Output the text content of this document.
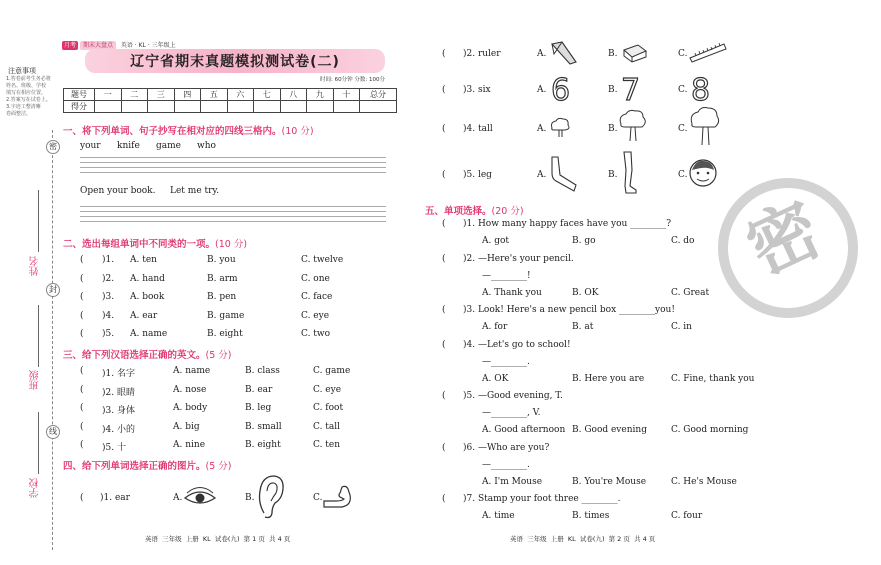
注意事项
1.答卷前考生务必将
姓名、班级、学校
填写在相应位置。
2.答案写在试卷上。
3.字迹工整清晰
卷面整洁。
密
封
线
姓名
班级
学校
月考 期末大盘点 英语 · KL · 三年级上
辽宁省期末真题模拟测试卷(二)
时间: 60分钟 分数: 100分
题号	一	二	三	四	五	六	七	八	九	十	总分
得分											
一、将下列单词、句子抄写在相对应的四线三格内。(10 分)
your knife game who
Open your book. Let me try.
二、选出每组单词中不同类的一项。(10 分)
( )1. A. ten	B. you	C. twelve
( )2. A. hand	B. arm	C. one
( )3. A. book	B. pen	C. face
( )4. A. ear	B. game	C. eye
( )5. A. name	B. eight	C. two
三、给下列汉语选择正确的英文。(5 分)
( )1. 名字	A. name	B. class	C. game
( )2. 眼睛	A. nose	B. ear	C. eye
( )3. 身体	A. body	B. leg	C. foot
( )4. 小的	A. big	B. small	C. tall
( )5. 十	A. nine	B. eight	C. ten
四、给下列单词选择正确的图片。(5 分)
( )1. ear	A.	B.	C.
( )2. ruler	A.	B.	C.
( )3. six	A. 6	B. 7	C. 8
( )4. tall	A.	B.	C.
( )5. leg	A.	B.	C.
五、单项选择。(20 分)
( )1. How many happy faces have you ________?
A. got	B. go	C. do
( )2. —Here's your pencil.
—________!
A. Thank you	B. OK	C. Great
( )3. Look! Here's a new pencil box ________you!
A. for	B. at	C. in
( )4. —Let's go to school!
—________.
A. OK	B. Here you are	C. Fine, thank you
( )5. —Good evening, T.
—________, V.
A. Good afternoon B. Good evening	C. Good morning
( )6. —Who are you?
—________.
A. I'm Mouse	B. You're Mouse	C. He's Mouse
( )7. Stamp your foot three ________.
A. time	B. times	C. four
密
英语  三年级  上册  KL  试卷(九)  第 1 页  共 4 页	英语  三年级  上册  KL  试卷(九)  第 2 页  共 4 页
